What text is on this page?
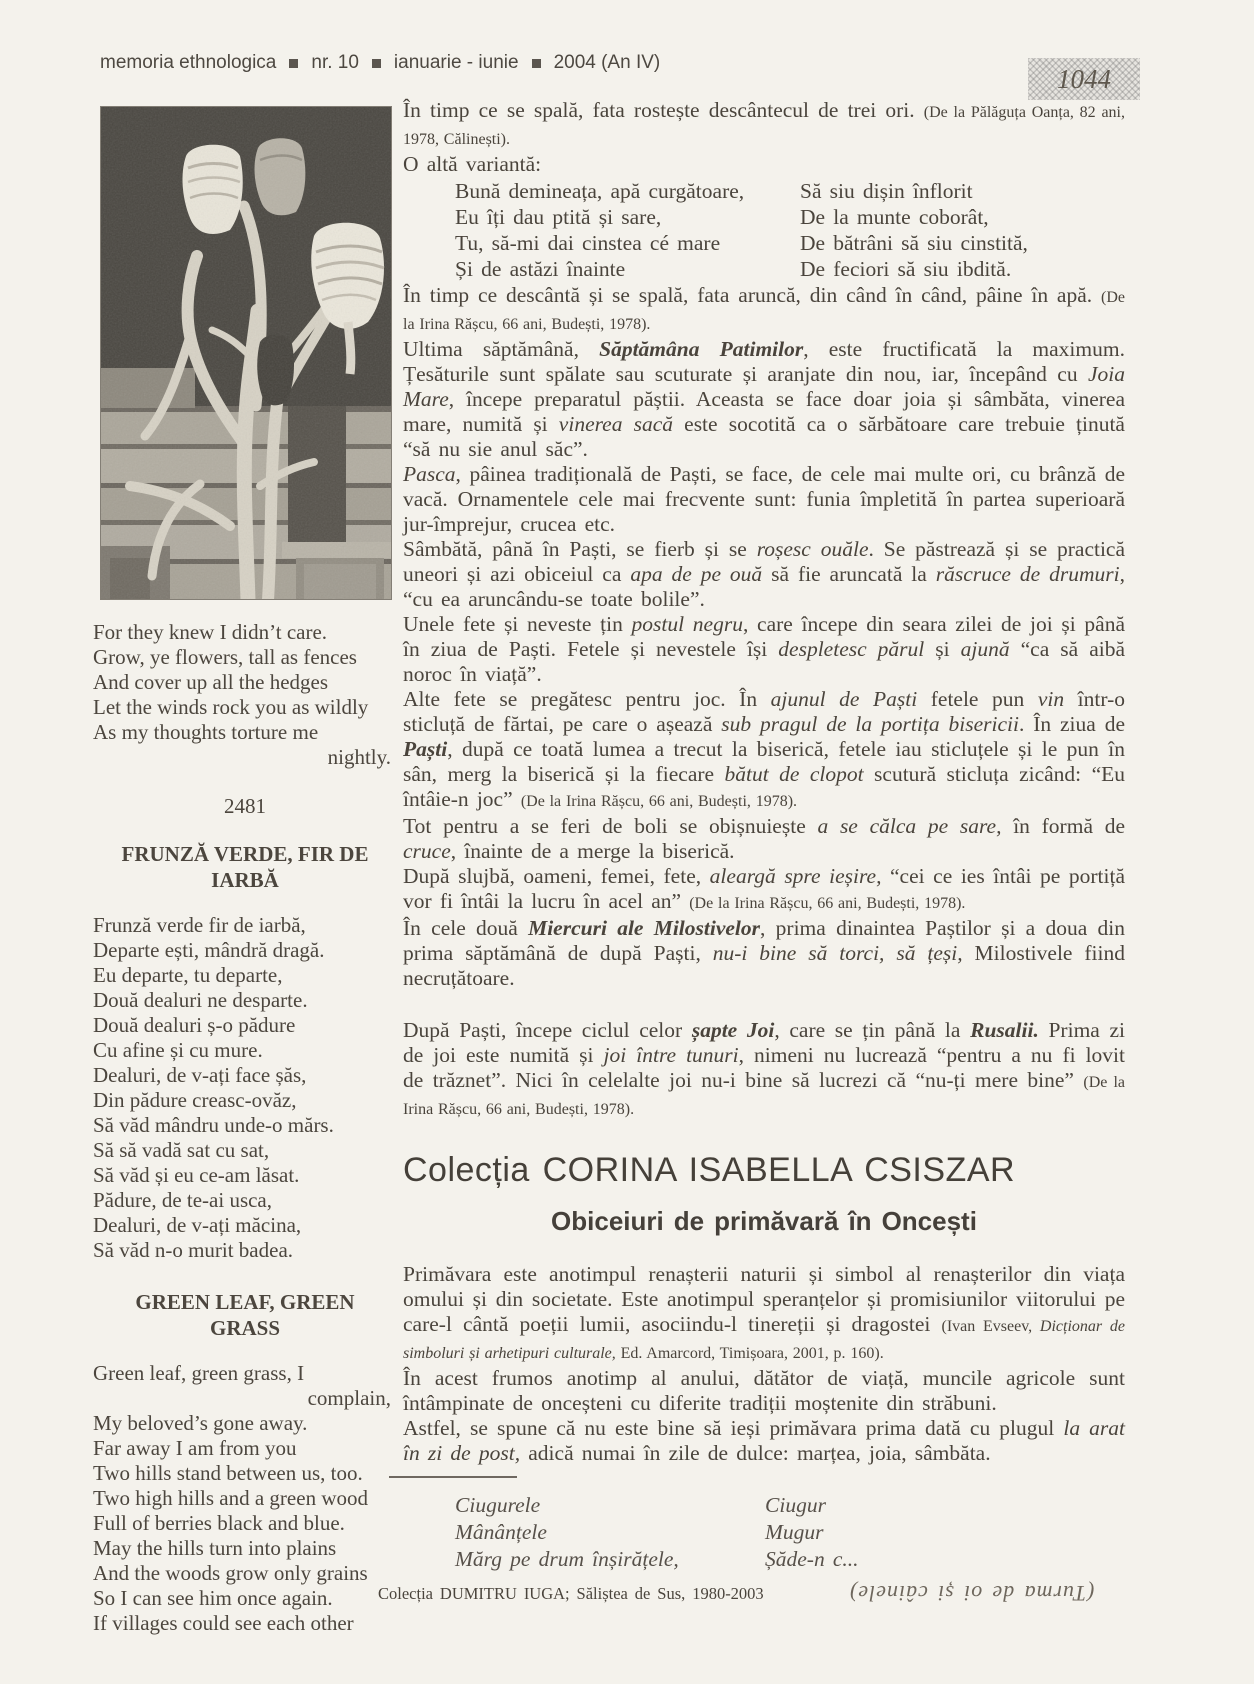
memoria ethnologica nr. 10 ianuarie - iunie 2004 (An IV)
1044
For they knew I didn’t care.
Grow, ye flowers, tall as fences
And cover up all the hedges
Let the winds rock you as wildly
As my thoughts torture me
nightly.
2481
FRUNZĂ VERDE, FIR DE IARBĂ
Frunză verde fir de iarbă,
Departe ești, mândră dragă.
Eu departe, tu departe,
Două dealuri ne desparte.
Două dealuri ș-o pădure
Cu afine și cu mure.
Dealuri, de v-ați face șăs,
Din pădure creasc-ovăz,
Să văd mândru unde-o mărs.
Să să vadă sat cu sat,
Să văd și eu ce-am lăsat.
Pădure, de te-ai usca,
Dealuri, de v-ați măcina,
Să văd n-o murit badea.
GREEN LEAF, GREEN GRASS
Green leaf, green grass, I
complain,
My beloved’s gone away.
Far away I am from you
Two hills stand between us, too.
Two high hills and a green wood
Full of berries black and blue.
May the hills turn into plains
And the woods grow only grains
So I can see him once again.
If villages could see each other

În timp ce se spală, fata rostește descântecul de trei ori. (De la Pălăguța Oanța, 82 ani, 1978, Călinești).

O altă variantă:

Bună demineața, apă curgătoare,
Eu îți dau ptită și sare,
Tu, să-mi dai cinstea cé mare
Și de astăzi înainte
Să siu dișin înflorit
De la munte coborât,
De bătrâni să siu cinstită,
De feciori să siu ibdită.

În timp ce descântă și se spală, fata aruncă, din când în când, pâine în apă. (De la Irina Rășcu, 66 ani, Budești, 1978).

Ultima săptămână, Săptămâna Patimilor, este fructificată la maximum. Țesăturile sunt spălate sau scuturate și aranjate din nou, iar, începând cu Joia Mare, începe preparatul păștii. Aceasta se face doar joia și sâmbăta, vinerea mare, numită și vinerea sacă este socotită ca o sărbătoare care trebuie ținută “să nu sie anul săc”.

Pasca, pâinea tradițională de Paști, se face, de cele mai multe ori, cu brânză de vacă. Ornamentele cele mai frecvente sunt: funia împletită în partea superioară jur-împrejur, crucea etc.

Sâmbătă, până în Paști, se fierb și se roșesc ouăle. Se păstrează și se practică uneori și azi obiceiul ca apa de pe ouă să fie aruncată la răscruce de drumuri, “cu ea aruncându-se toate bolile”.

Unele fete și neveste țin postul negru, care începe din seara zilei de joi și până în ziua de Paști. Fetele și nevestele își despletesc părul și ajună “ca să aibă noroc în viață”.

Alte fete se pregătesc pentru joc. În ajunul de Paști fetele pun vin într-o sticluță de fărtai, pe care o așează sub pragul de la portița bisericii. În ziua de Paști, după ce toată lumea a trecut la biserică, fetele iau sticluțele și le pun în sân, merg la biserică și la fiecare bătut de clopot scutură sticluța zicând: “Eu întâie-n joc” (De la Irina Rășcu, 66 ani, Budești, 1978).

Tot pentru a se feri de boli se obișnuiește a se călca pe sare, în formă de cruce, înainte de a merge la biserică.

După slujbă, oameni, femei, fete, aleargă spre ieșire, “cei ce ies întâi pe portiță vor fi întâi la lucru în acel an” (De la Irina Rășcu, 66 ani, Budești, 1978).

În cele două Miercuri ale Milostivelor, prima dinaintea Paștilor și a doua din prima săptămână de după Paști, nu-i bine să torci, să țeși, Milostivele fiind necruțătoare.

După Paști, începe ciclul celor șapte Joi, care se țin până la Rusalii. Prima zi de joi este numită și joi între tunuri, nimeni nu lucrează “pentru a nu fi lovit de trăznet”. Nici în celelalte joi nu-i bine să lucrezi că “nu-ți mere bine” (De la Irina Rășcu, 66 ani, Budești, 1978).

Colecția CORINA ISABELLA CSISZAR
Obiceiuri de primăvară în Oncești

Primăvara este anotimpul renașterii naturii și simbol al renașterilor din viața omului și din societate. Este anotimpul speranțelor și promisiunilor viitorului pe care-l cântă poeții lumii, asociindu-l tinereții și dragostei (Ivan Evseev, Dicționar de simboluri și arhetipuri culturale, Ed. Amarcord, Timișoara, 2001, p. 160).

În acest frumos anotimp al anului, dătător de viață, muncile agricole sunt întâmpinate de onceșteni cu diferite tradiții moștenite din străbuni.

Astfel, se spune că nu este bine să ieși primăvara prima dată cu plugul la arat în zi de post, adică numai în zile de dulce: marțea, joia, sâmbăta.

Ciugurele
Mânânțele
Mărg pe drum înșirățele,
Ciugur
Mugur
Șăde-n c...
Colecția DUMITRU IUGA; Săliștea de Sus, 1980-2003	(Turma de oi și câinele)
